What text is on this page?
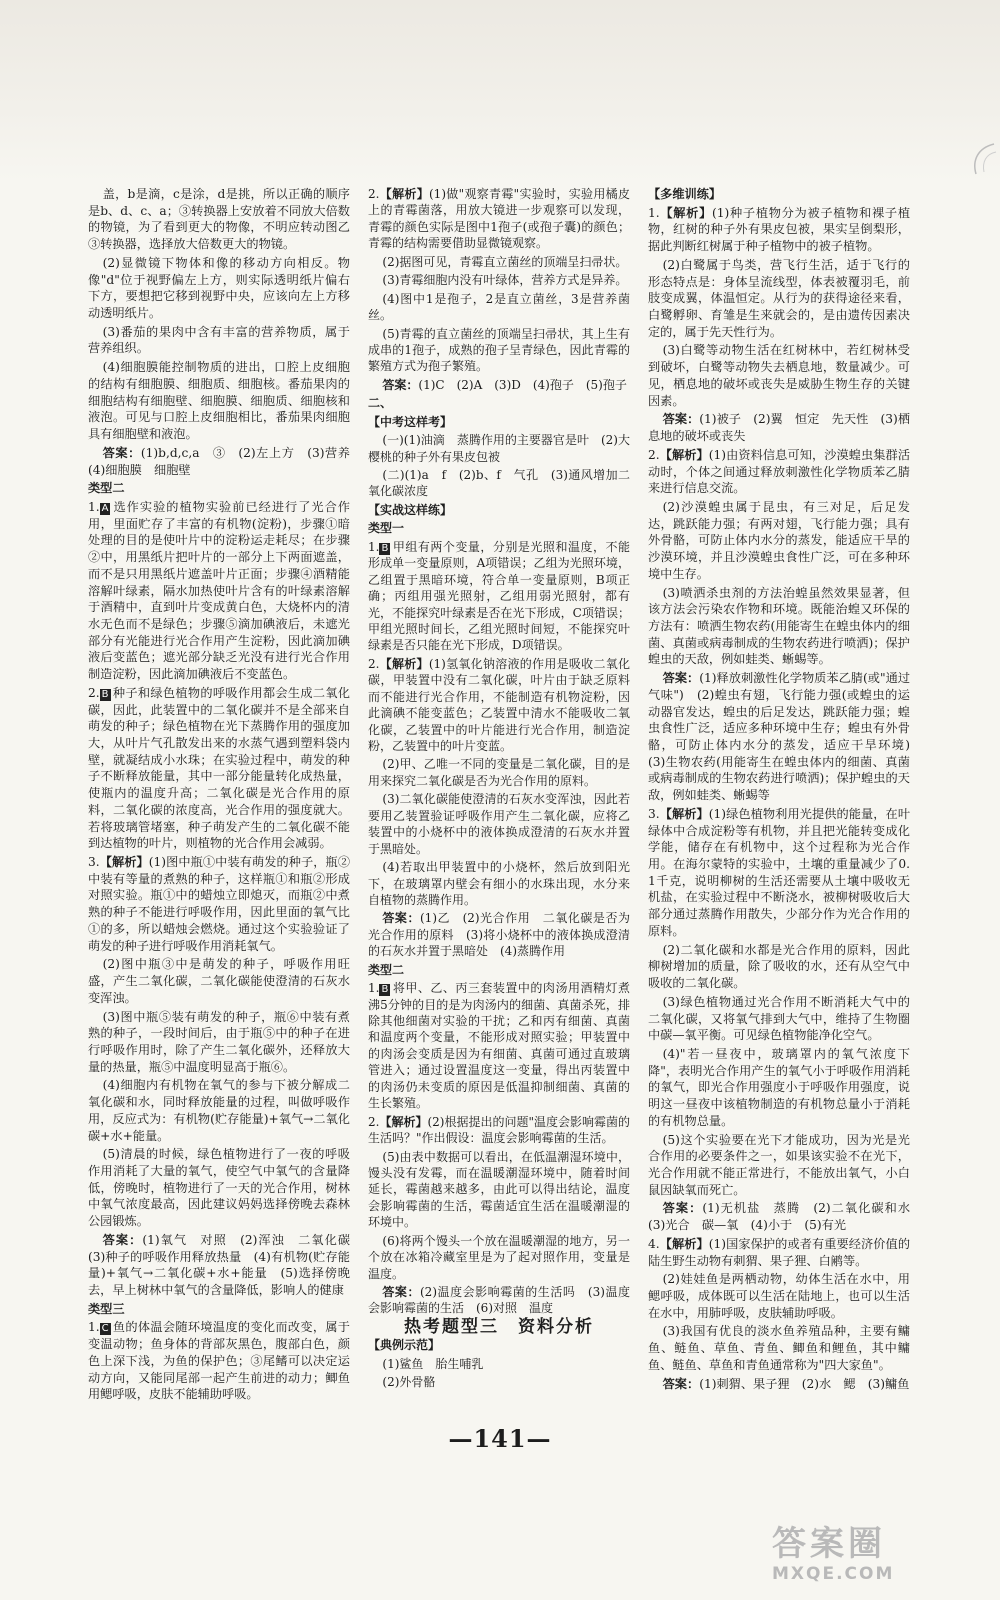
盖，b是滴，c是涂，d是挑，所以正确的顺序是b、d、c、a；③转换器上安放着不同放大倍数的物镜，为了看到更大的物像，不明应转动图乙③转换器，选择放大倍数更大的物镜。

(2)显微镜下物体和像的移动方向相反。物像"d"位于视野偏左上方，则实际透明纸片偏右下方，要想把它移到视野中央，应该向左上方移动透明纸片。

(3)番茄的果肉中含有丰富的营养物质，属于营养组织。

(4)细胞膜能控制物质的进出，口腔上皮细胞的结构有细胞膜、细胞质、细胞核。番茄果肉的细胞结构有细胞壁、细胞膜、细胞质、细胞核和液泡。可见与口腔上皮细胞相比，番茄果肉细胞具有细胞壁和液泡。

答案：(1)b,d,c,a　③　(2)左上方　(3)营养　(4)细胞膜　细胞壁

类型二

1. A 选作实验的植物实验前已经进行了光合作用，里面贮存了丰富的有机物(淀粉)，步骤①暗处理的目的是使叶片中的淀粉运走耗尽；在步骤②中，用黑纸片把叶片的一部分上下两面遮盖，而不是只用黑纸片遮盖叶片正面；步骤④酒精能溶解叶绿素，隔水加热使叶片含有的叶绿素溶解于酒精中，直到叶片变成黄白色，大烧杯内的清水无色而不是绿色；步骤⑤滴加碘液后，未遮光部分有光能进行光合作用产生淀粉，因此滴加碘液后变蓝色；遮光部分缺乏光没有进行光合作用制造淀粉，因此滴加碘液后不变蓝色。

2. B 种子和绿色植物的呼吸作用都会生成二氧化碳，因此，此装置中的二氧化碳并不是全部来自萌发的种子；绿色植物在光下蒸腾作用的强度加大，从叶片气孔散发出来的水蒸气遇到塑料袋内壁，就凝结成小水珠；在实验过程中，萌发的种子不断释放能量，其中一部分能量转化成热量，使瓶内的温度升高；二氧化碳是光合作用的原料，二氧化碳的浓度高，光合作用的强度就大。若将玻璃管堵塞，种子萌发产生的二氧化碳不能到达植物的叶片，则植物的光合作用会减弱。

3.【解析】(1)图中瓶①中装有萌发的种子，瓶②中装有等量的煮熟的种子，这样瓶①和瓶②形成对照实验。瓶①中的蜡烛立即熄灭，而瓶②中煮熟的种子不能进行呼吸作用，因此里面的氧气比①的多，所以蜡烛会燃烧。通过这个实验验证了萌发的种子进行呼吸作用消耗氧气。

(2)图中瓶③中是萌发的种子，呼吸作用旺盛，产生二氧化碳，二氧化碳能使澄清的石灰水变浑浊。

(3)图中瓶⑤装有萌发的种子，瓶⑥中装有煮熟的种子，一段时间后，由于瓶⑤中的种子在进行呼吸作用时，除了产生二氧化碳外，还释放大量的热量，瓶⑤中温度明显高于瓶⑥。

(4)细胞内有机物在氧气的参与下被分解成二氧化碳和水，同时释放能量的过程，叫做呼吸作用，反应式为：有机物(贮存能量)+氧气→二氧化碳+水+能量。

(5)清晨的时候，绿色植物进行了一夜的呼吸作用消耗了大量的氧气，使空气中氧气的含量降低，傍晚时，植物进行了一天的光合作用，树林中氧气浓度最高，因此建议妈妈选择傍晚去森林公园锻炼。

答案：(1)氧气　对照　(2)浑浊　二氧化碳　(3)种子的呼吸作用释放热量　(4)有机物(贮存能量)+氧气→二氧化碳+水+能量　(5)选择傍晚去，早上树林中氧气的含量降低，影响人的健康

类型三

1. C 鱼的体温会随环境温度的变化而改变，属于变温动物；鱼身体的背部灰黑色，腹部白色，颜色上深下浅，为鱼的保护色；③尾鳍可以决定运动方向，又能同尾部一起产生前进的动力；鲫鱼用鳃呼吸，皮肤不能辅助呼吸。

2.【解析】(1)做"观察青霉"实验时，实验用橘皮上的青霉菌落，用放大镜进一步观察可以发现，青霉的颜色实际是图中1孢子(或孢子囊)的颜色；青霉的结构需要借助显微镜观察。

(2)据图可见，青霉直立菌丝的顶端呈扫帚状。

(3)青霉细胞内没有叶绿体，营养方式是异养。

(4)图中1是孢子，2是直立菌丝，3是营养菌丝。

(5)青霉的直立菌丝的顶端呈扫帚状，其上生有成串的1孢子，成熟的孢子呈青绿色，因此青霉的繁殖方式为孢子繁殖。

答案：(1)C　(2)A　(3)D　(4)孢子　(5)孢子

二、

【中考这样考】

(一)(1)油滴　蒸腾作用的主要器官是叶　(2)大樱桃的种子外有果皮包被

(二)(1)a　f　(2)b、f　气孔　(3)通风增加二氧化碳浓度

【实战这样练】

类型一

1. B 甲组有两个变量，分别是光照和温度，不能形成单一变量原则，A项错误；乙组为光照环境，乙组置于黑暗环境，符合单一变量原则，B项正确；丙组用强光照射，乙组用弱光照射，都有光，不能探究叶绿素是否在光下形成，C项错误；甲组光照时间长，乙组光照时间短，不能探究叶绿素是否只能在光下形成，D项错误。

2.【解析】(1)氢氧化钠溶液的作用是吸收二氧化碳，甲装置中没有二氧化碳，叶片由于缺乏原料而不能进行光合作用，不能制造有机物淀粉，因此滴碘不能变蓝色；乙装置中清水不能吸收二氧化碳，乙装置中的叶片能进行光合作用，制造淀粉，乙装置中的叶片变蓝。

(2)甲、乙唯一不同的变量是二氧化碳，目的是用来探究二氧化碳是否为光合作用的原料。

(3)二氧化碳能使澄清的石灰水变浑浊，因此若要用乙装置验证呼吸作用产生二氧化碳，应将乙装置中的小烧杯中的液体换成澄清的石灰水并置于黑暗处。

(4)若取出甲装置中的小烧杯，然后放到阳光下，在玻璃罩内壁会有细小的水珠出现，水分来自植物的蒸腾作用。

答案：(1)乙　(2)光合作用　二氧化碳是否为光合作用的原料　(3)将小烧杯中的液体换成澄清的石灰水并置于黑暗处　(4)蒸腾作用

类型二

1. B 将甲、乙、丙三套装置中的肉汤用酒精灯煮沸5分钟的目的是为肉汤内的细菌、真菌杀死，排除其他细菌对实验的干扰；乙和丙有细菌、真菌和温度两个变量，不能形成对照实验；甲装置中的肉汤会变质是因为有细菌、真菌可通过直玻璃管进入；通过设置温度这一变量，得出丙装置中的肉汤仍未变质的原因是低温抑制细菌、真菌的生长繁殖。

2.【解析】(2)根据提出的问题"温度会影响霉菌的生活吗？"作出假设：温度会影响霉菌的生活。

(5)由表中数据可以看出，在低温潮湿环境中，馒头没有发霉，而在温暖潮湿环境中，随着时间延长，霉菌越来越多，由此可以得出结论，温度会影响霉菌的生活，霉菌适宜生活在温暖潮湿的环境中。

(6)将两个馒头一个放在温暖潮湿的地方，另一个放在冰箱冷藏室里是为了起对照作用，变量是温度。

答案：(2)温度会影响霉菌的生活吗　(3)温度会影响霉菌的生活　(6)对照　温度

热考题型三　资料分析

【典例示范】

(1)鲨鱼　胎生哺乳

(2)外骨骼

【多维训练】

1.【解析】(1)种子植物分为被子植物和裸子植物，红树的种子外有果皮包被，果实呈倒梨形，据此判断红树属于种子植物中的被子植物。

(2)白鹭属于鸟类，营飞行生活，适于飞行的形态特点是：身体呈流线型，体表被覆羽毛，前肢变成翼，体温恒定。从行为的获得途径来看，白鹭孵卵、育雏是生来就会的，是由遗传因素决定的，属于先天性行为。

(3)白鹭等动物生活在红树林中，若红树林受到破坏，白鹭等动物失去栖息地，数量减少。可见，栖息地的破坏或丧失是威胁生物生存的关键因素。

答案：(1)被子　(2)翼　恒定　先天性　(3)栖息地的破坏或丧失

2.【解析】(1)由资料信息可知，沙漠蝗虫集群活动时，个体之间通过释放刺激性化学物质苯乙腈来进行信息交流。

(2)沙漠蝗虫属于昆虫，有三对足，后足发达，跳跃能力强；有两对翅，飞行能力强；具有外骨骼，可防止体内水分的蒸发，能适应干旱的沙漠环境，并且沙漠蝗虫食性广泛，可在多种环境中生存。

(3)喷洒杀虫剂的方法治蝗虽然效果显著，但该方法会污染农作物和环境。既能治蝗又环保的方法有：喷洒生物农药(用能寄生在蝗虫体内的细菌、真菌或病毒制成的生物农药进行喷洒)；保护蝗虫的天敌，例如蛙类、蜥蜴等。

答案：(1)释放刺激性化学物质苯乙腈(或"通过气味")　(2)蝗虫有翅，飞行能力强(或蝗虫的运动器官发达，蝗虫的后足发达，跳跃能力强；蝗虫食性广泛，适应多种环境中生存；蝗虫有外骨骼，可防止体内水分的蒸发，适应干旱环境)　(3)生物农药(用能寄生在蝗虫体内的细菌、真菌或病毒制成的生物农药进行喷洒)；保护蝗虫的天敌，例如蛙类、蜥蜴等

3.【解析】(1)绿色植物利用光提供的能量，在叶绿体中合成淀粉等有机物，并且把光能转变成化学能，储存在有机物中，这个过程称为光合作用。在海尔蒙特的实验中，土壤的重量减少了0.1千克，说明柳树的生活还需要从土壤中吸收无机盐，在实验过程中不断浇水，被柳树吸收后大部分通过蒸腾作用散失，少部分作为光合作用的原料。

(2)二氧化碳和水都是光合作用的原料，因此柳树增加的质量，除了吸收的水，还有从空气中吸收的二氧化碳。

(3)绿色植物通过光合作用不断消耗大气中的二氧化碳，又将氧气排到大气中，维持了生物圈中碳—氧平衡。可见绿色植物能净化空气。

(4)"若一昼夜中，玻璃罩内的氧气浓度下降"，表明光合作用产生的氧气小于呼吸作用消耗的氧气，即光合作用强度小于呼吸作用强度，说明这一昼夜中该植物制造的有机物总量小于消耗的有机物总量。

(5)这个实验要在光下才能成功，因为光是光合作用的必要条件之一，如果该实验不在光下，光合作用就不能正常进行，不能放出氧气，小白鼠因缺氧而死亡。

答案：(1)无机盐　蒸腾　(2)二氧化碳和水　(3)光合　碳—氧　(4)小于　(5)有光

4.【解析】(1)国家保护的或者有重要经济价值的陆生野生动物有刺猬、果子狸、白鹇等。

(2)娃娃鱼是两栖动物，幼体生活在水中，用鳃呼吸，成体既可以生活在陆地上，也可以生活在水中，用肺呼吸，皮肤辅助呼吸。

(3)我国有优良的淡水鱼养殖品种，主要有鳙鱼、鲢鱼、草鱼、青鱼、鲫鱼和鲤鱼，其中鳙鱼、鲢鱼、草鱼和青鱼通常称为"四大家鱼"。

答案：(1)刺猬、果子狸　(2)水　鳃　(3)鳙鱼

—141—
答案圈
MXQE.COM
